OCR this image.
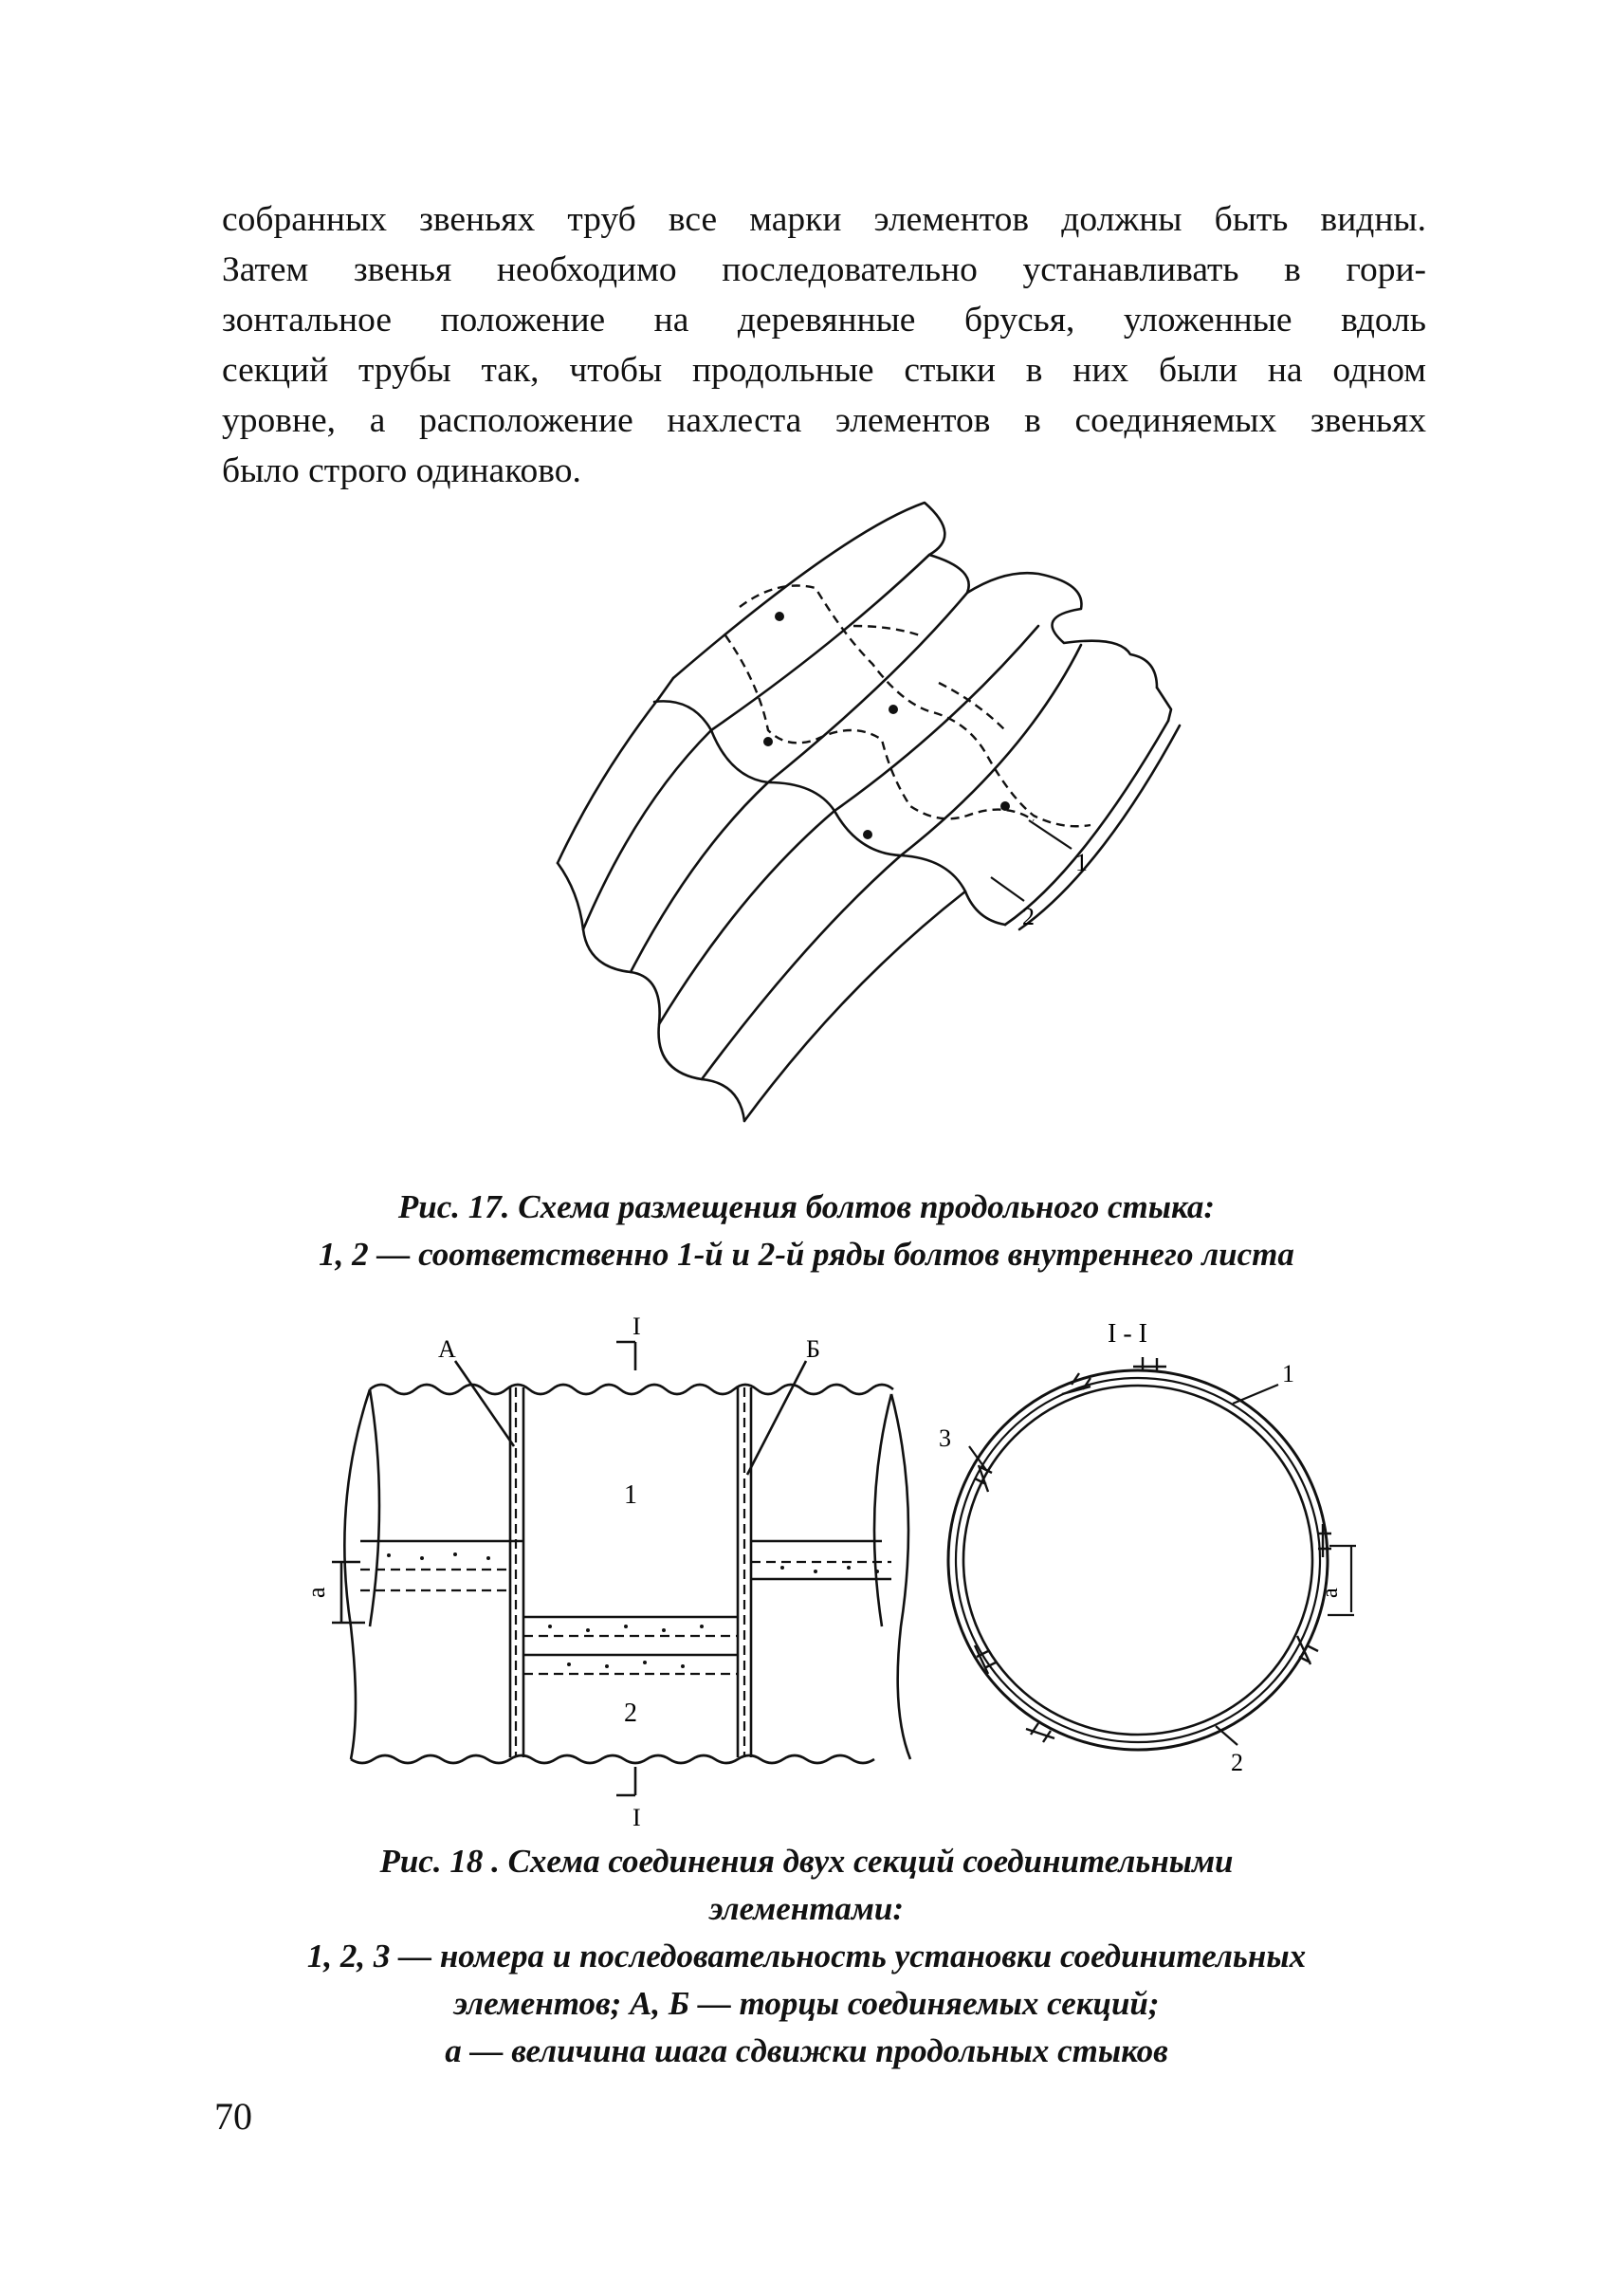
собранных звеньях труб все марки элементов должны быть видны.
Затем звенья необходимо последовательно устанавливать в гори-
зонтальное положение на деревянные брусья, уложенные вдоль
секций трубы так, чтобы продольные стыки в них были на одном
уровне, а расположение нахлеста элементов в соединяемых звеньях
было строго одинаково.
1
2
Рис. 17. Схема размещения болтов продольного стыка:
1, 2 — соответственно 1-й и 2-й ряды болтов внутреннего листа
А	Б
I
I
1
2
а
I - I
1
2
3
а
Рис. 18 . Схема соединения двух секций соединительными
элементами:
1, 2, 3 — номера и последовательность установки соединительных
элементов; А, Б — торцы соединяемых секций;
а — величина шага сдвижки продольных стыков
70
